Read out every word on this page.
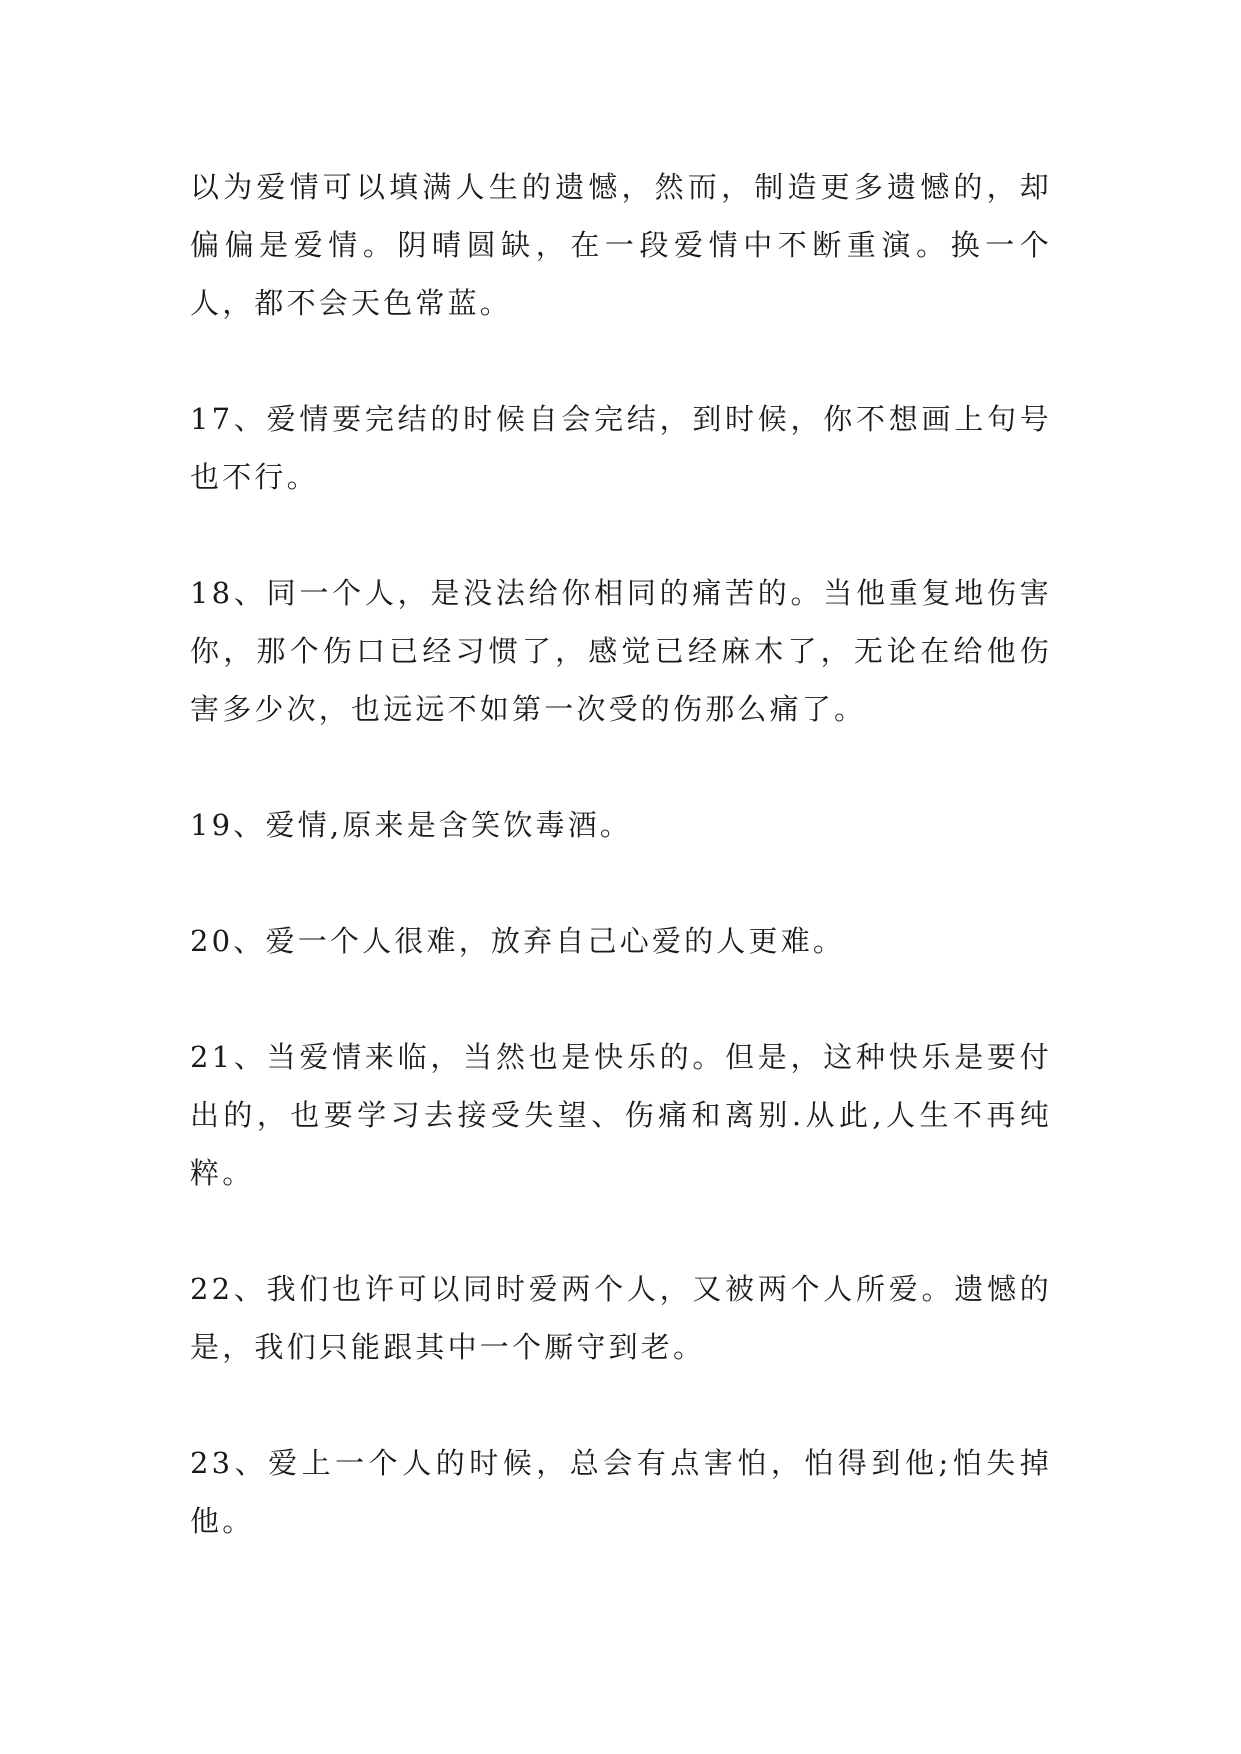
以为爱情可以填满人生的遗憾，然而，制造更多遗憾的，却偏偏是爱情。阴晴圆缺，在一段爱情中不断重演。换一个人，都不会天色常蓝。

17、爱情要完结的时候自会完结，到时候，你不想画上句号也不行。

18、同一个人，是没法给你相同的痛苦的。当他重复地伤害你，那个伤口已经习惯了，感觉已经麻木了，无论在给他伤害多少次，也远远不如第一次受的伤那么痛了。

19、爱情,原来是含笑饮毒酒。

20、爱一个人很难，放弃自己心爱的人更难。

21、当爱情来临，当然也是快乐的。但是，这种快乐是要付出的，也要学习去接受失望、伤痛和离别.从此,人生不再纯粹。

22、我们也许可以同时爱两个人，又被两个人所爱。遗憾的是，我们只能跟其中一个厮守到老。

23、爱上一个人的时候，总会有点害怕，怕得到他;怕失掉他。
